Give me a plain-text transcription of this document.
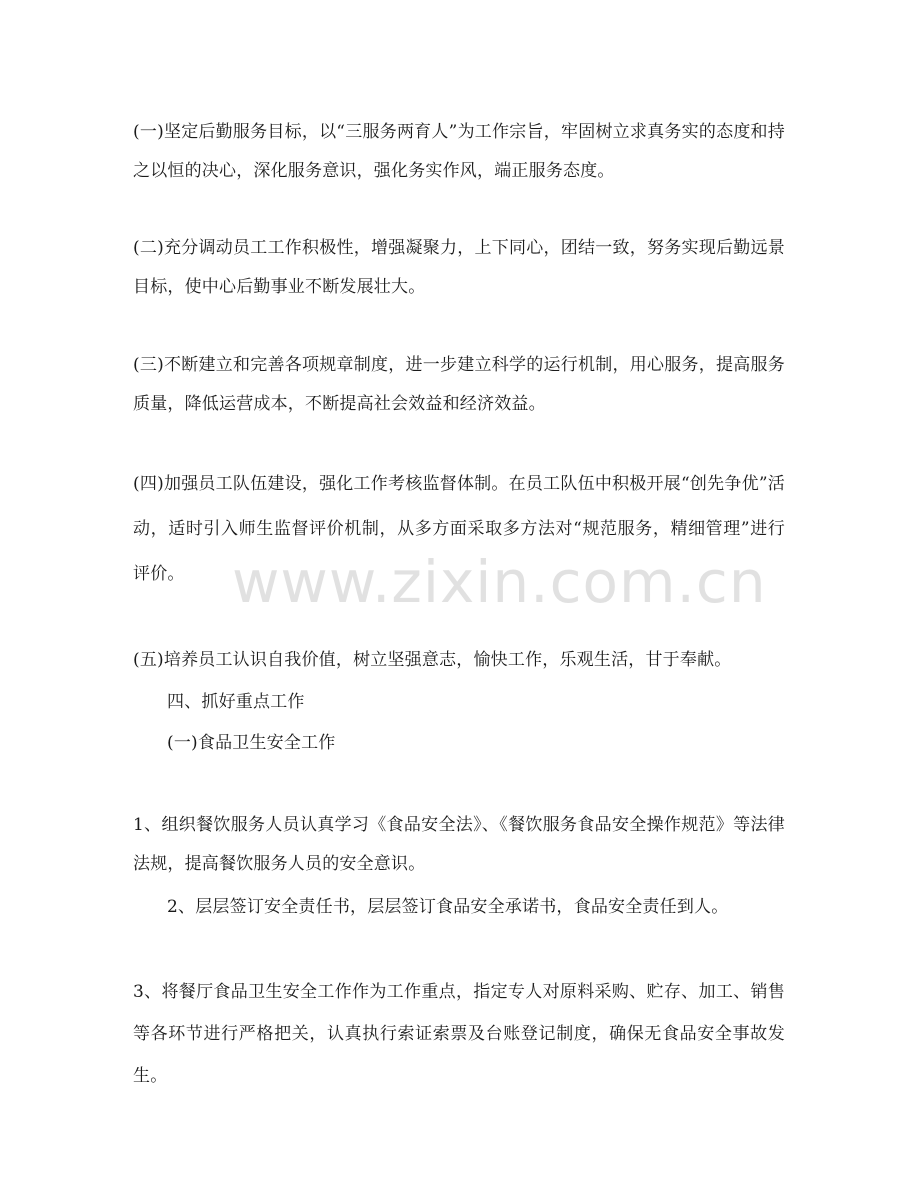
www.zixin.com.cn

(一)坚定后勤服务目标，以“三服务两育人”为工作宗旨，牢固树立求真务实的态度和持之以恒的决心，深化服务意识，强化务实作风，端正服务态度。

(二)充分调动员工工作积极性，增强凝聚力，上下同心，团结一致，努务实现后勤远景目标，使中心后勤事业不断发展壮大。

(三)不断建立和完善各项规章制度，进一步建立科学的运行机制，用心服务，提高服务质量，降低运营成本，不断提高社会效益和经济效益。

(四)加强员工队伍建设，强化工作考核监督体制。在员工队伍中积极开展“创先争优”活动，适时引入师生监督评价机制，从多方面采取多方法对“规范服务，精细管理”进行评价。

(五)培养员工认识自我价值，树立坚强意志，愉快工作，乐观生活，甘于奉献。

四、抓好重点工作

(一)食品卫生安全工作

1、组织餐饮服务人员认真学习《食品安全法》、《餐饮服务食品安全操作规范》等法律法规，提高餐饮服务人员的安全意识。

2、层层签订安全责任书，层层签订食品安全承诺书，食品安全责任到人。

3、将餐厅食品卫生安全工作作为工作重点，指定专人对原料采购、贮存、加工、销售等各环节进行严格把关，认真执行索证索票及台账登记制度，确保无食品安全事故发生。
